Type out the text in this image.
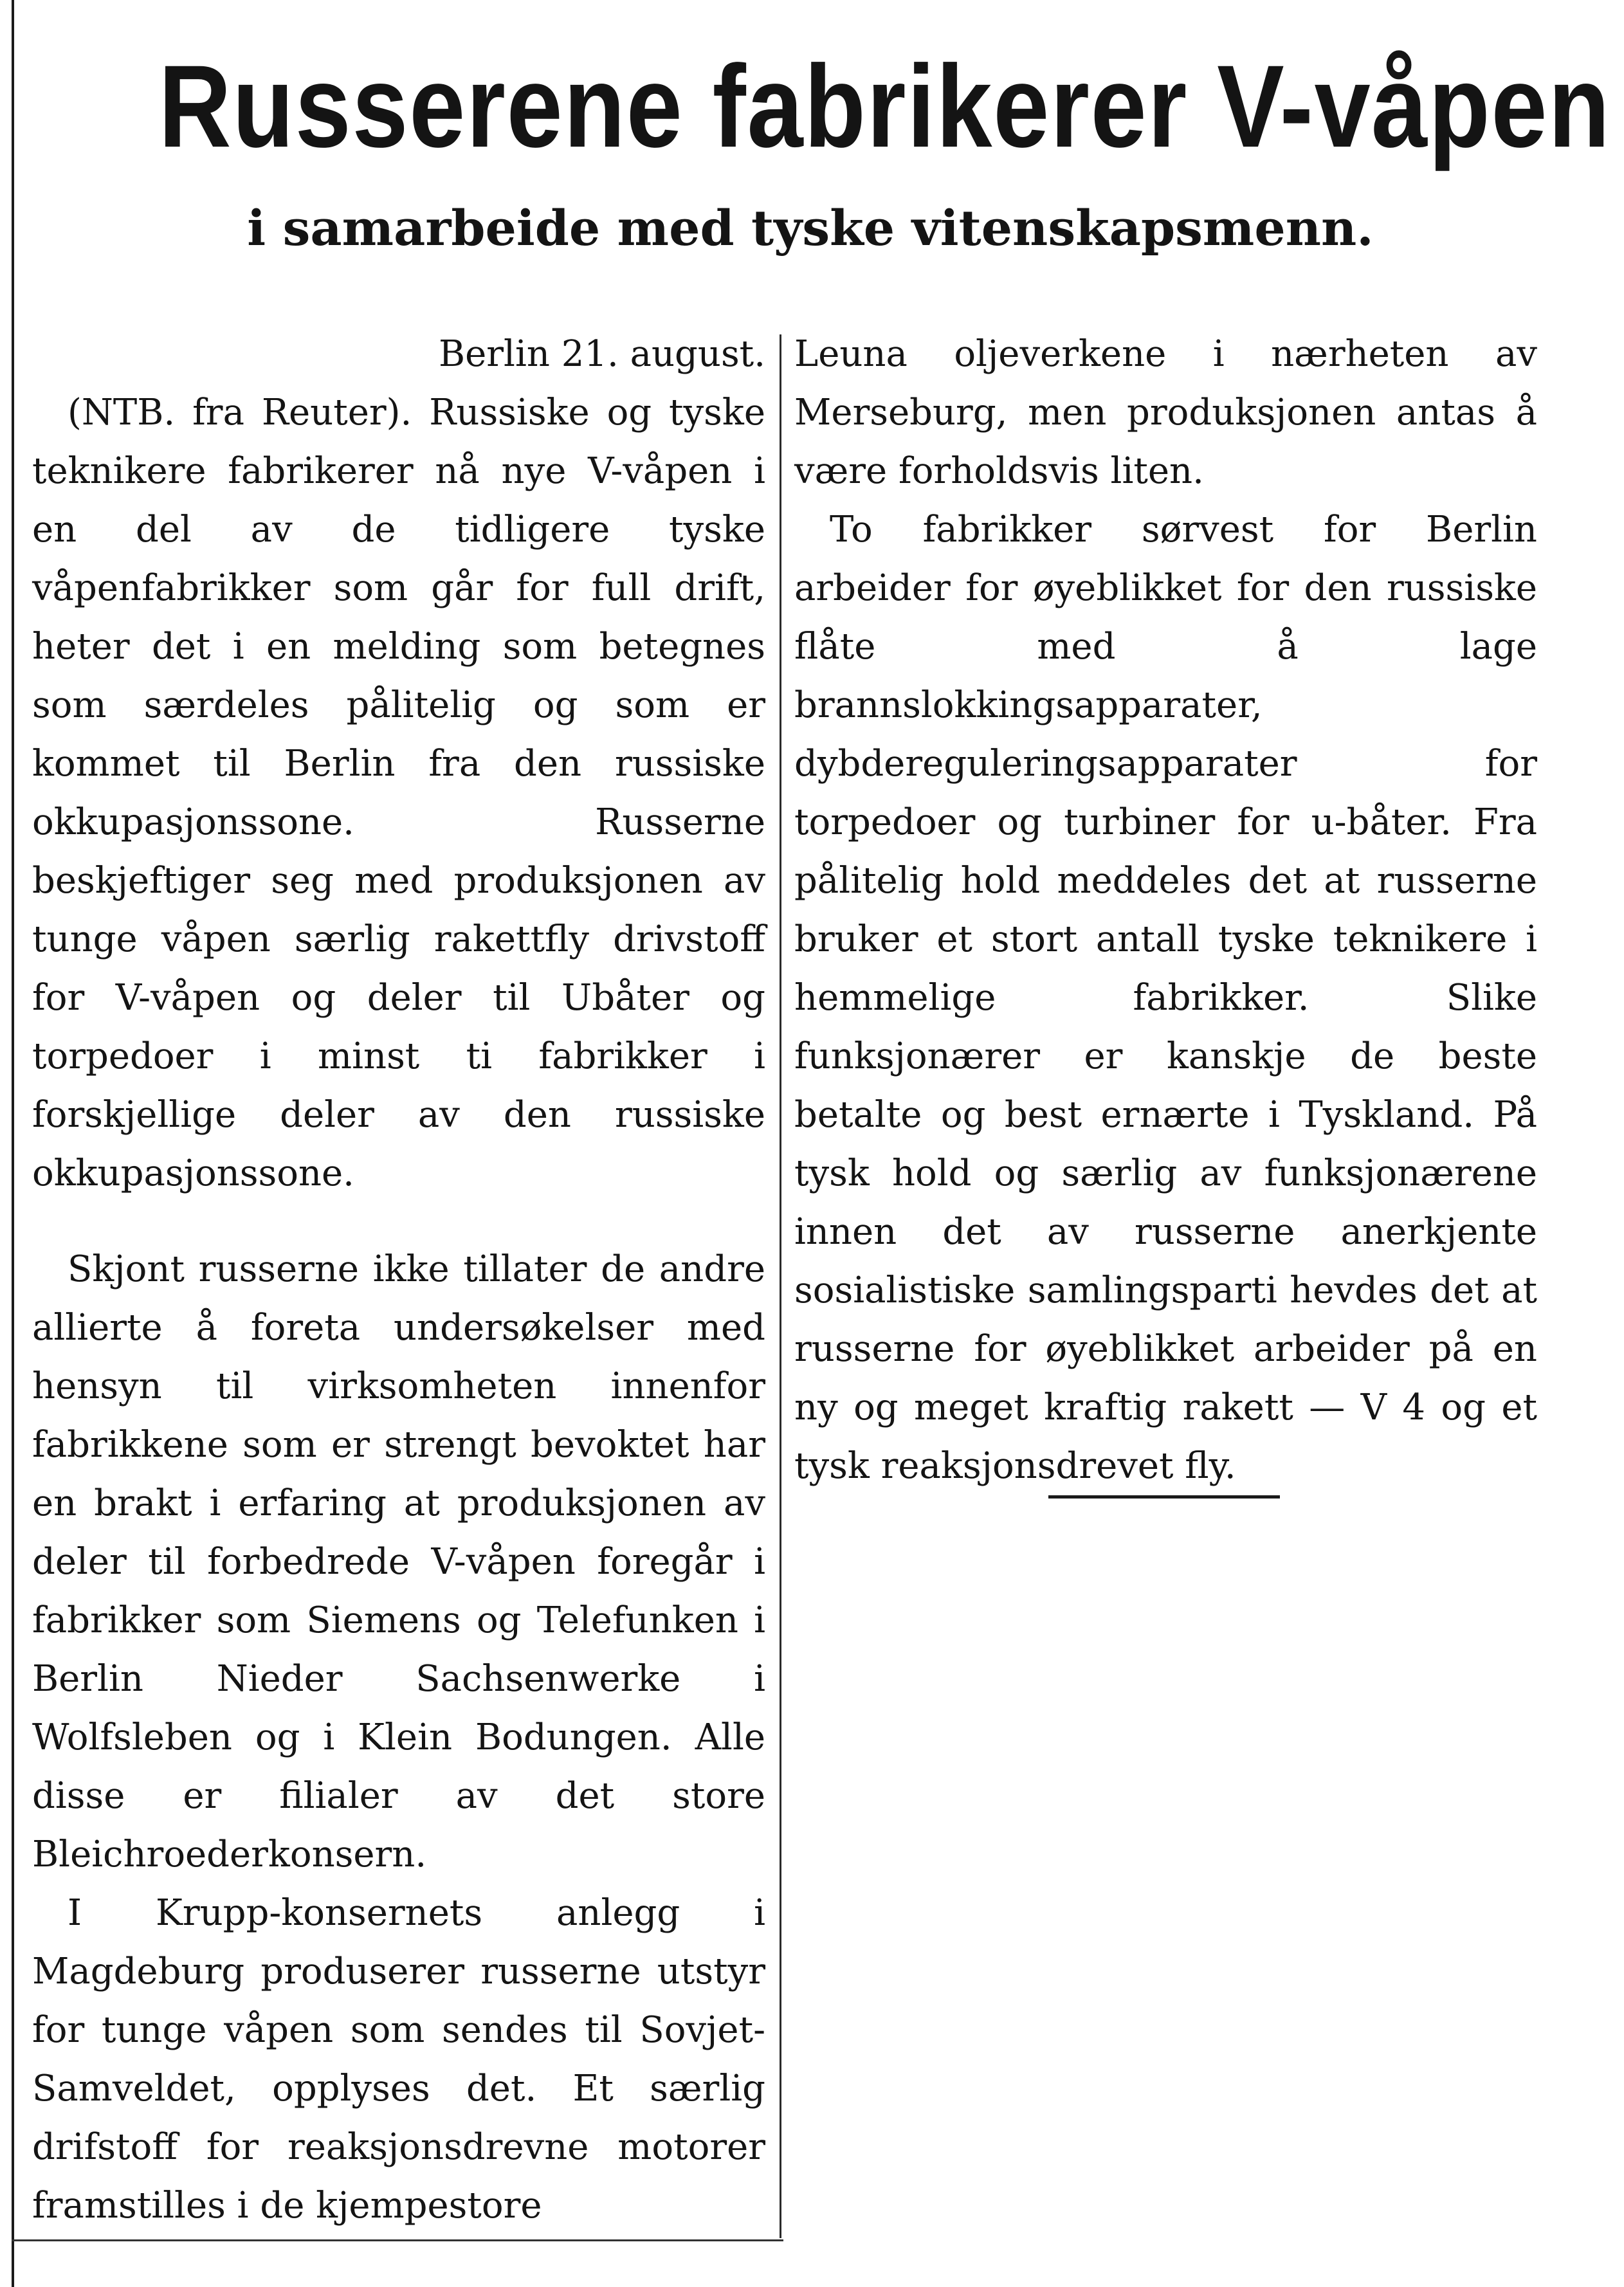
Russerene fabrikerer V-våpen
i samarbeide med tyske vitenskapsmenn.
Berlin 21. august.

(NTB. fra Reuter). Russiske og tyske teknikere fabrikerer nå nye V-våpen i en del av de tidligere tyske våpenfabrikker som går for full drift, heter det i en melding som betegnes som særdeles pålitelig og som er kommet til Berlin fra den russiske okkupasjonssone. Russerne beskjeftiger seg med produksjonen av tunge våpen særlig rakettfly drivstoff for V-våpen og deler til Ubåter og torpedoer i minst ti fabrikker i forskjellige deler av den russiske okkupasjonssone.

Skjont russerne ikke tillater de andre allierte å foreta undersøkelser med hensyn til virksomheten innenfor fabrikkene som er strengt bevoktet har en brakt i erfaring at produksjonen av deler til forbedrede V-våpen foregår i fabrikker som Siemens og Telefunken i Berlin Nieder Sachsenwerke i Wolfsleben og i Klein Bodungen. Alle disse er filialer av det store Bleichroederkonsern.

I Krupp-konsernets anlegg i Magdeburg produserer russerne utstyr for tunge våpen som sendes til Sovjet-Samveldet, opplyses det. Et særlig drifstoff for reaksjonsdrevne motorer framstilles i de kjempestore

Leuna oljeverkene i nærheten av Merseburg, men produksjonen antas å være forholdsvis liten.

To fabrikker sørvest for Berlin arbeider for øyeblikket for den russiske flåte med å lage brannslokkingsapparater, dybdereguleringsapparater for torpedoer og turbiner for u-båter. Fra pålitelig hold meddeles det at russerne bruker et stort antall tyske teknikere i hemmelige fabrikker. Slike funksjonærer er kanskje de beste betalte og best ernærte i Tyskland. På tysk hold og særlig av funksjonærene innen det av russerne anerkjente sosialistiske samlingsparti hevdes det at russerne for øyeblikket arbeider på en ny og meget kraftig rakett — V 4 og et tysk reaksjonsdrevet fly.
